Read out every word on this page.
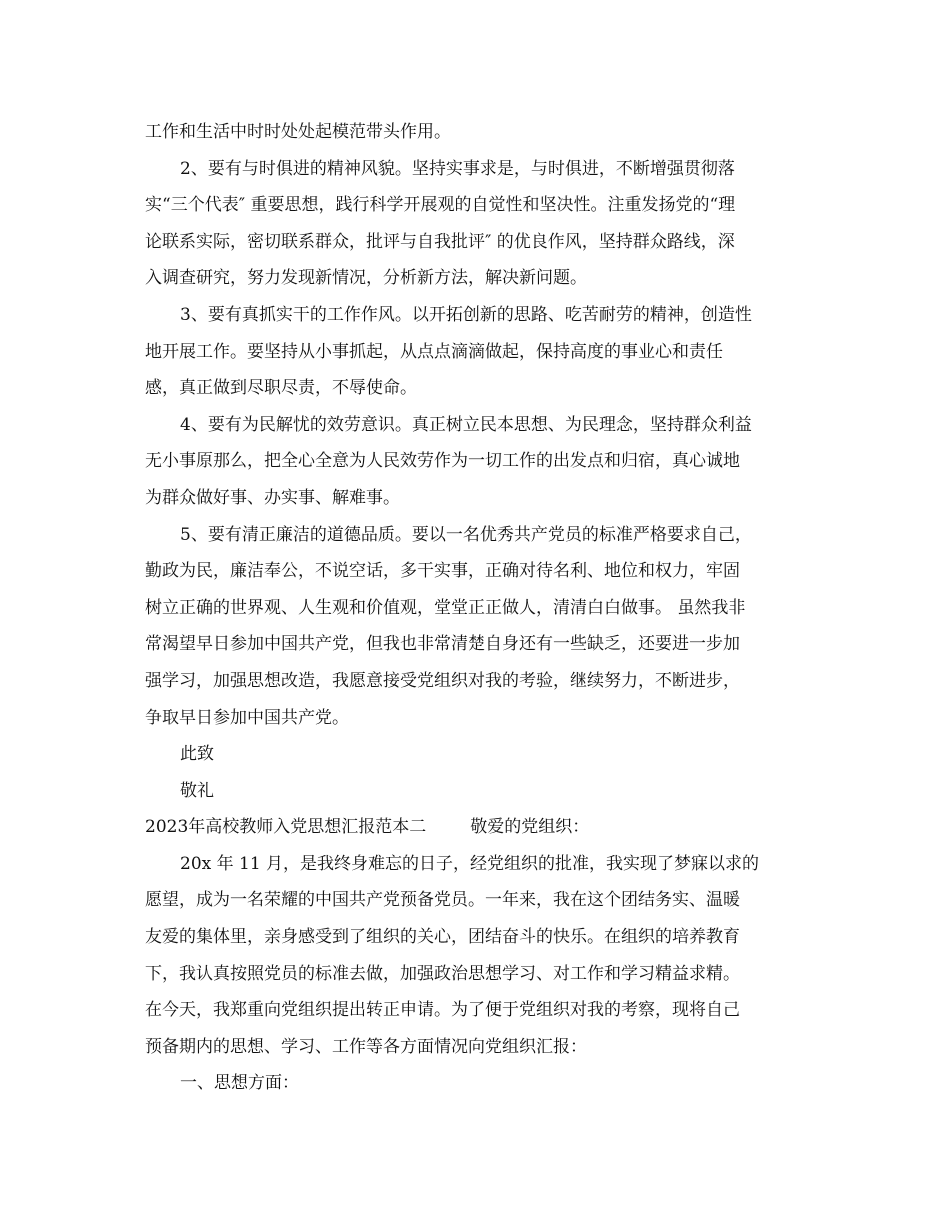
工作和生活中时时处处起模范带头作用。

2、要有与时俱进的精神风貌。坚持实事求是，与时俱进，不断增强贯彻落

实“三个代表″ 重要思想，践行科学开展观的自觉性和坚决性。注重发扬党的“理

论联系实际，密切联系群众，批评与自我批评″ 的优良作风，坚持群众路线，深

入调查研究，努力发现新情况，分析新方法，解决新问题。

3、要有真抓实干的工作作风。以开拓创新的思路、吃苦耐劳的精神，创造性

地开展工作。要坚持从小事抓起，从点点滴滴做起，保持高度的事业心和责任

感，真正做到尽职尽责，不辱使命。

4、要有为民解忧的效劳意识。真正树立民本思想、为民理念，坚持群众利益

无小事原那么，把全心全意为人民效劳作为一切工作的出发点和归宿，真心诚地

为群众做好事、办实事、解难事。

5、要有清正廉洁的道德品质。要以一名优秀共产党员的标准严格要求自己，

勤政为民，廉洁奉公，不说空话，多干实事，正确对待名利、地位和权力，牢固

树立正确的世界观、人生观和价值观，堂堂正正做人，清清白白做事。 虽然我非

常渴望早日参加中国共产党，但我也非常清楚自身还有一些缺乏，还要进一步加

强学习，加强思想改造，我愿意接受党组织对我的考验，继续努力，不断进步，

争取早日参加中国共产党。

此致

敬礼

2023年高校教师入党思想汇报范本二	敬爱的党组织：

20x 年 11 月，是我终身难忘的日子，经党组织的批准，我实现了梦寐以求的

愿望，成为一名荣耀的中国共产党预备党员。一年来，我在这个团结务实、温暖

友爱的集体里，亲身感受到了组织的关心，团结奋斗的快乐。在组织的培养教育

下，我认真按照党员的标准去做，加强政治思想学习、对工作和学习精益求精。

在今天，我郑重向党组织提出转正申请。为了便于党组织对我的考察，现将自己

预备期内的思想、学习、工作等各方面情况向党组织汇报：

一、思想方面：
